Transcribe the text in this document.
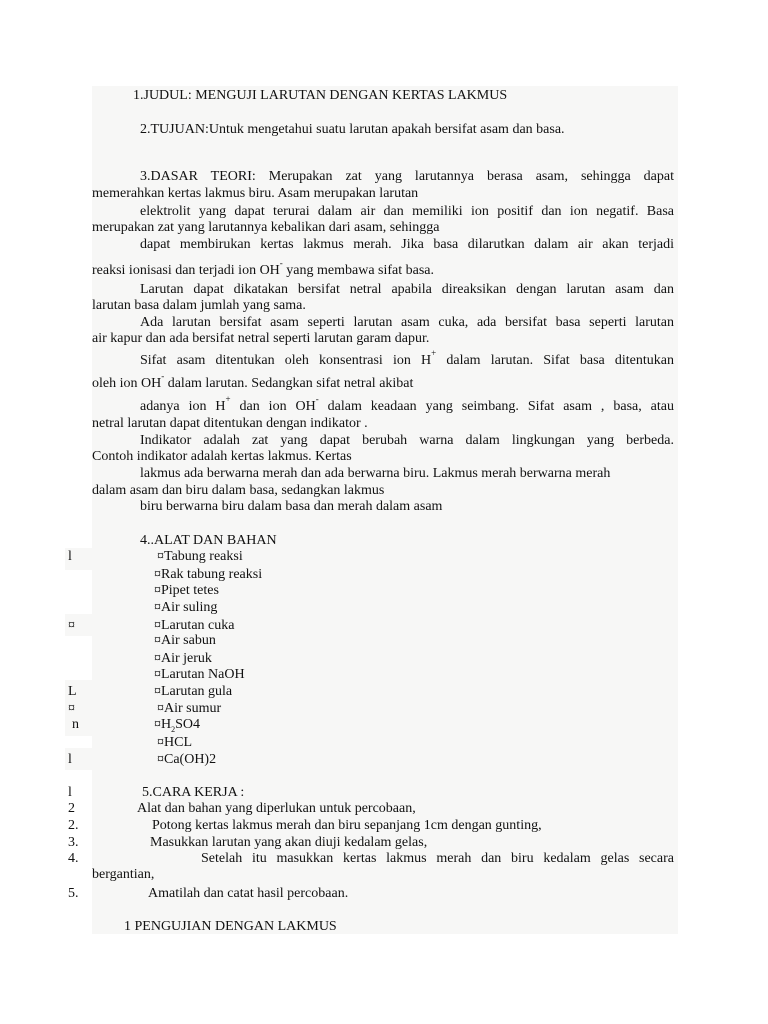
1.JUDUL: MENGUJI LARUTAN DENGAN KERTAS LAKMUS
2.TUJUAN:Untuk mengetahui suatu larutan apakah bersifat asam dan basa.
3.DASAR TEORI: Merupakan zat yang larutannya berasa asam, sehingga dapat
memerahkan kertas lakmus biru. Asam merupakan larutan
elektrolit yang dapat terurai dalam air dan memiliki ion positif dan ion negatif. Basa
merupakan zat yang larutannya kebalikan dari asam, sehingga
dapat membirukan kertas lakmus merah. Jika basa dilarutkan dalam air akan terjadi
reaksi ionisasi dan terjadi ion OH- yang membawa sifat basa.
Larutan dapat dikatakan bersifat netral apabila direaksikan dengan larutan asam dan
larutan basa dalam jumlah yang sama.
Ada larutan bersifat asam seperti larutan asam cuka, ada bersifat basa seperti larutan
air kapur dan ada bersifat netral seperti larutan garam dapur.
Sifat asam ditentukan oleh konsentrasi ion H+ dalam larutan. Sifat basa ditentukan
oleh ion OH- dalam larutan. Sedangkan sifat netral akibat
adanya ion H+ dan ion OH- dalam keadaan yang seimbang. Sifat asam , basa, atau
netral larutan dapat ditentukan dengan indikator .
Indikator adalah zat yang dapat berubah warna dalam lingkungan yang berbeda.
Contoh indikator adalah kertas lakmus. Kertas
lakmus ada berwarna merah dan ada berwarna biru. Lakmus merah berwarna merah
dalam asam dan biru dalam basa, sedangkan lakmus
biru berwarna biru dalam basa dan merah dalam asam
4..ALAT DAN BAHAN
¤Tabung reaksi
¤Rak tabung reaksi
¤Pipet tetes
¤Air suling
¤Larutan cuka
¤Air sabun
¤Air jeruk
¤Larutan NaOH
¤Larutan gula
¤Air sumur
$¤H_2SO4$
¤HCL
¤Ca(OH)2
l
¤
L
¤
n
l
l
2
2.
3.
4.
5.
5.CARA KERJA :
Alat dan bahan yang diperlukan untuk percobaan,
Potong kertas lakmus merah dan biru sepanjang 1cm dengan gunting,
Masukkan larutan yang akan diuji kedalam gelas,
Setelah itu masukkan kertas lakmus merah dan biru kedalam gelas secara
bergantian,
Amatilah dan catat hasil percobaan.
1 PENGUJIAN DENGAN LAKMUS
